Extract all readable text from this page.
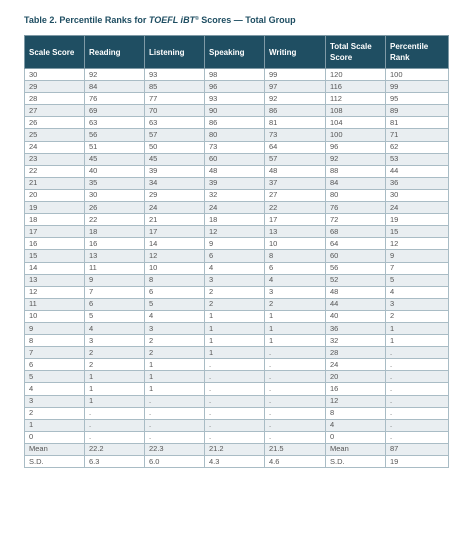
Table 2. Percentile Ranks for TOEFL iBT® Scores — Total Group
Scale Score	Reading	Listening	Speaking	Writing	Total Scale Score	Percentile Rank
30	92	93	98	99	120	100
29	84	85	96	97	116	99
28	76	77	93	92	112	95
27	69	70	90	86	108	89
26	63	63	86	81	104	81
25	56	57	80	73	100	71
24	51	50	73	64	96	62
23	45	45	60	57	92	53
22	40	39	48	48	88	44
21	35	34	39	37	84	36
20	30	29	32	27	80	30
19	26	24	24	22	76	24
18	22	21	18	17	72	19
17	18	17	12	13	68	15
16	16	14	9	10	64	12
15	13	12	6	8	60	9
14	11	10	4	6	56	7
13	9	8	3	4	52	5
12	7	6	2	3	48	4
11	6	5	2	2	44	3
10	5	4	1	1	40	2
9	4	3	1	1	36	1
8	3	2	1	1	32	1
7	2	2	1	.	28	.
6	2	1	.	.	24	.
5	1	1	.	.	20	.
4	1	1	.	.	16	.
3	1	.	.	.	12	.
2	.	.	.	.	8	.
1	.	.	.	.	4	.
0	.	.	.	.	0	.
Mean	22.2	22.3	21.2	21.5	Mean	87
S.D.	6.3	6.0	4.3	4.6	S.D.	19
